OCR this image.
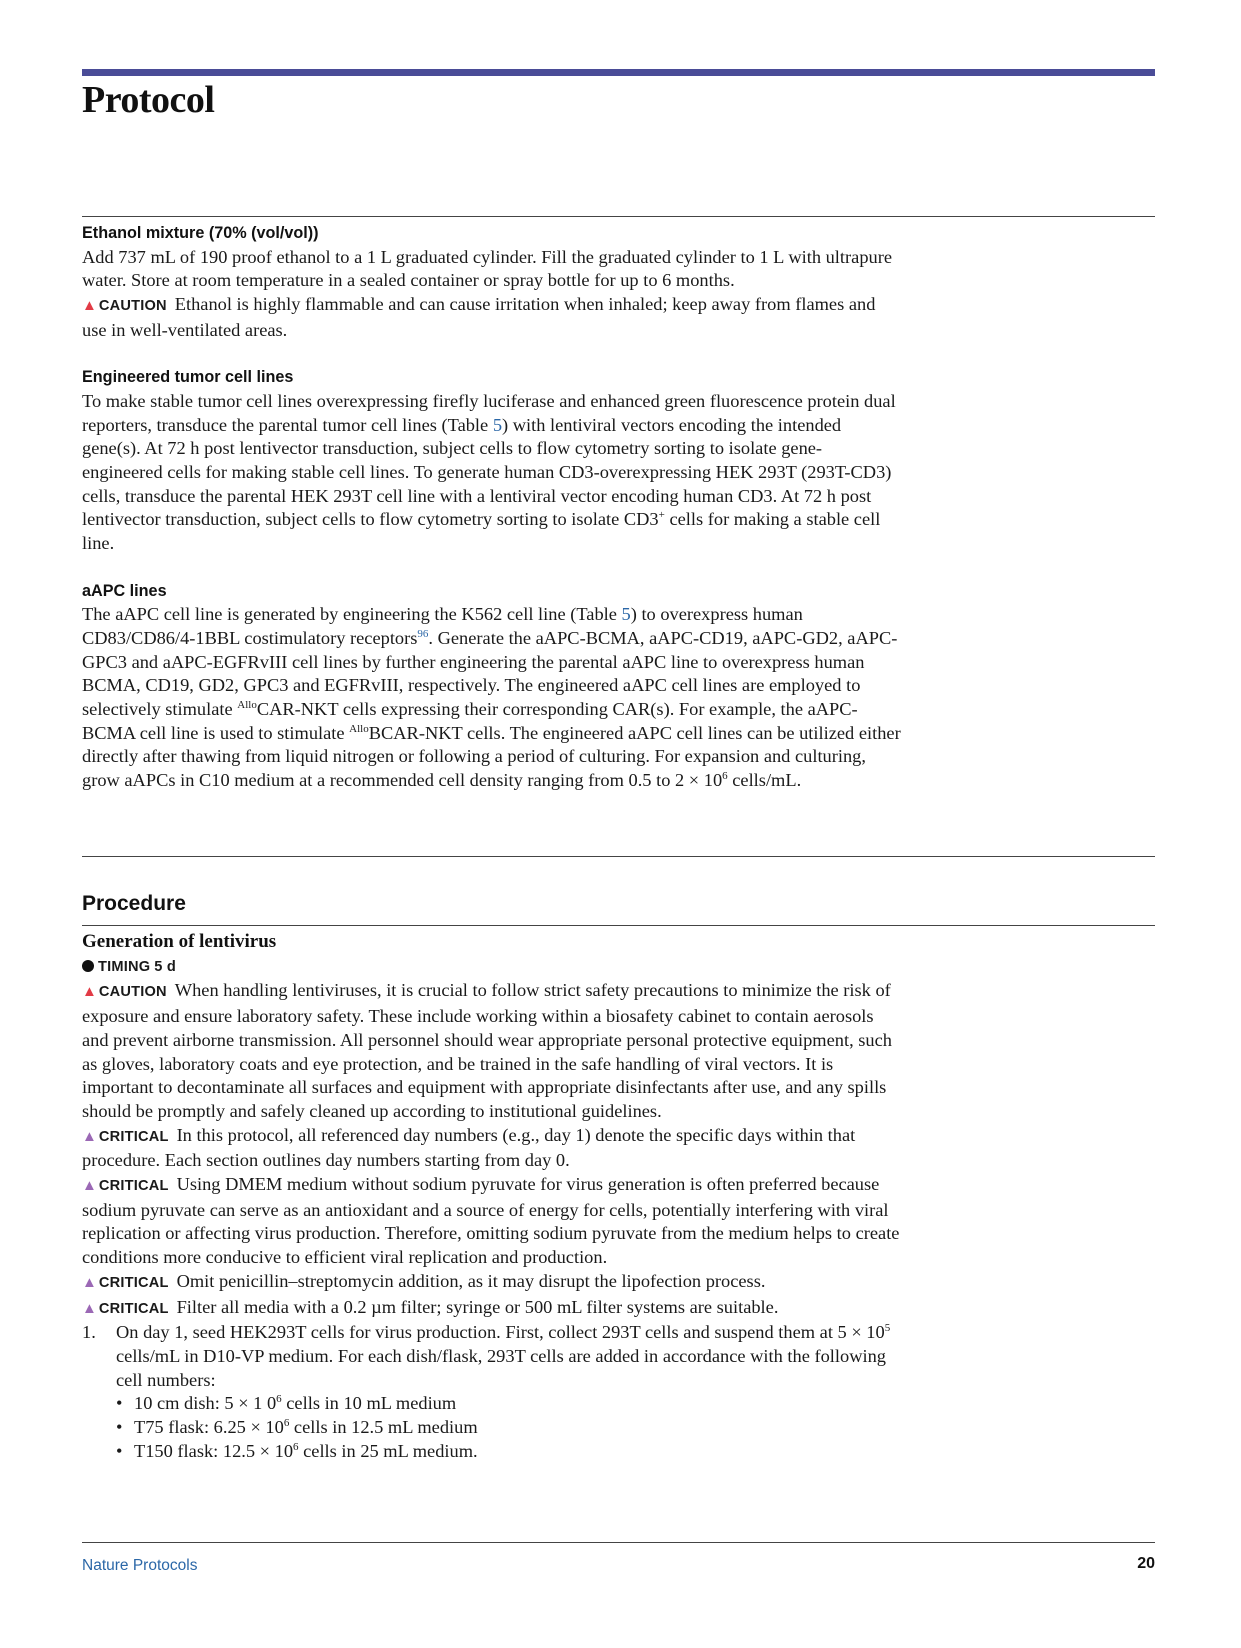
Protocol

Ethanol mixture (70% (vol/vol))

Add 737 mL of 190 proof ethanol to a 1 L graduated cylinder. Fill the graduated cylinder to 1 L with ultrapure water. Store at room temperature in a sealed container or spray bottle for up to 6 months.

▲ CAUTION Ethanol is highly flammable and can cause irritation when inhaled; keep away from flames and use in well-ventilated areas.

Engineered tumor cell lines

To make stable tumor cell lines overexpressing firefly luciferase and enhanced green fluorescence protein dual reporters, transduce the parental tumor cell lines (Table 5) with lentiviral vectors encoding the intended gene(s). At 72 h post lentivector transduction, subject cells to flow cytometry sorting to isolate gene-engineered cells for making stable cell lines. To generate human CD3-overexpressing HEK 293T (293T-CD3) cells, transduce the parental HEK 293T cell line with a lentiviral vector encoding human CD3. At 72 h post lentivector transduction, subject cells to flow cytometry sorting to isolate CD3+ cells for making a stable cell line.

aAPC lines

The aAPC cell line is generated by engineering the K562 cell line (Table 5) to overexpress human CD83/CD86/4-1BBL costimulatory receptors$^{96}$. Generate the aAPC-BCMA, aAPC-CD19, aAPC-GD2, aAPC-GPC3 and aAPC-EGFRvIII cell lines by further engineering the parental aAPC line to overexpress human BCMA, CD19, GD2, GPC3 and EGFRvIII, respectively. The engineered aAPC cell lines are employed to selectively stimulate $^{Allo}$CAR-NKT cells expressing their corresponding CAR(s). For example, the aAPC-BCMA cell line is used to stimulate $^{Allo}$BCAR-NKT cells. The engineered aAPC cell lines can be utilized either directly after thawing from liquid nitrogen or following a period of culturing. For expansion and culturing, grow aAPCs in C10 medium at a recommended cell density ranging from 0.5 to $2 \times 10^6$ cells/mL.

Procedure

Generation of lentivirus

TIMING 5 d

▲ CAUTION When handling lentiviruses, it is crucial to follow strict safety precautions to minimize the risk of exposure and ensure laboratory safety. These include working within a biosafety cabinet to contain aerosols and prevent airborne transmission. All personnel should wear appropriate personal protective equipment, such as gloves, laboratory coats and eye protection, and be trained in the safe handling of viral vectors. It is important to decontaminate all surfaces and equipment with appropriate disinfectants after use, and any spills should be promptly and safely cleaned up according to institutional guidelines.

▲ CRITICAL In this protocol, all referenced day numbers (e.g., day 1) denote the specific days within that procedure. Each section outlines day numbers starting from day 0.

▲ CRITICAL Using DMEM medium without sodium pyruvate for virus generation is often preferred because sodium pyruvate can serve as an antioxidant and a source of energy for cells, potentially interfering with viral replication or affecting virus production. Therefore, omitting sodium pyruvate from the medium helps to create conditions more conducive to efficient viral replication and production.

▲ CRITICAL Omit penicillin–streptomycin addition, as it may disrupt the lipofection process.

▲ CRITICAL Filter all media with a 0.2 µm filter; syringe or 500 mL filter systems are suitable.

1. On day 1, seed HEK293T cells for virus production. First, collect 293T cells and suspend them at $5 \times 10^5$ cells/mL in D10-VP medium. For each dish/flask, 293T cells are added in accordance with the following cell numbers:
• 10 cm dish: 5 × 1 $0^6$ cells in 10 mL medium
• T75 flask: $6.25 \times 10^6$ cells in 12.5 mL medium
• T150 flask: $12.5 \times 10^6$ cells in 25 mL medium.
Nature Protocols	20
